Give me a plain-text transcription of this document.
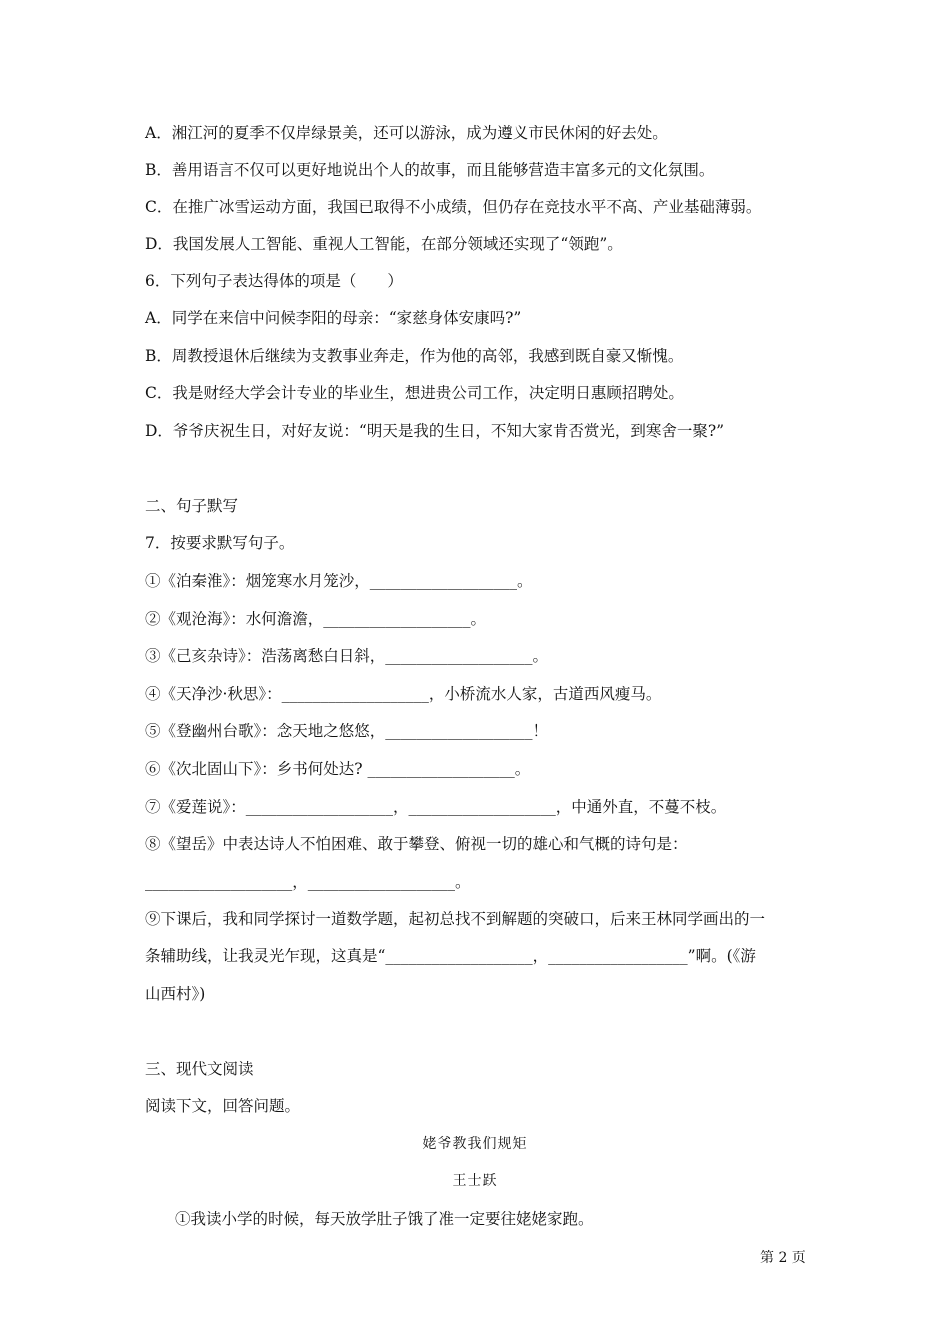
A．湘江河的夏季不仅岸绿景美，还可以游泳，成为遵义市民休闲的好去处。
B．善用语言不仅可以更好地说出个人的故事，而且能够营造丰富多元的文化氛围。
C．在推广冰雪运动方面，我国已取得不小成绩，但仍存在竞技水平不高、产业基础薄弱。
D．我国发展人工智能、重视人工智能，在部分领域还实现了“领跑”。
6．下列句子表达得体的项是（　　）
A．同学在来信中问候李阳的母亲：“家慈身体安康吗?”
B．周教授退休后继续为支教事业奔走，作为他的高邻，我感到既自豪又惭愧。
C．我是财经大学会计专业的毕业生，想进贵公司工作，决定明日惠顾招聘处。
D．爷爷庆祝生日，对好友说：“明天是我的生日，不知大家肯否赏光，到寒舍一聚?”
二、句子默写
7．按要求默写句子。
①《泊秦淮》：烟笼寒水月笼沙，___________________。
②《观沧海》：水何澹澹，___________________。
③《己亥杂诗》：浩荡离愁白日斜，___________________。
④《天净沙·秋思》：___________________，小桥流水人家，古道西风瘦马。
⑤《登幽州台歌》：念天地之悠悠，___________________！
⑥《次北固山下》：乡书何处达? ___________________。
⑦《爱莲说》：___________________，___________________，中通外直，不蔓不枝。
⑧《望岳》中表达诗人不怕困难、敢于攀登、俯视一切的雄心和气概的诗句是：
___________________，___________________。
⑨下课后，我和同学探讨一道数学题，起初总找不到解题的突破口，后来王林同学画出的一
条辅助线，让我灵光乍现，这真是“___________________，__________________”啊。(《游
山西村》)
三、现代文阅读
阅读下文，回答问题。
姥爷教我们规矩
王士跃
①我读小学的时候，每天放学肚子饿了准一定要往姥姥家跑。
第 2 页
